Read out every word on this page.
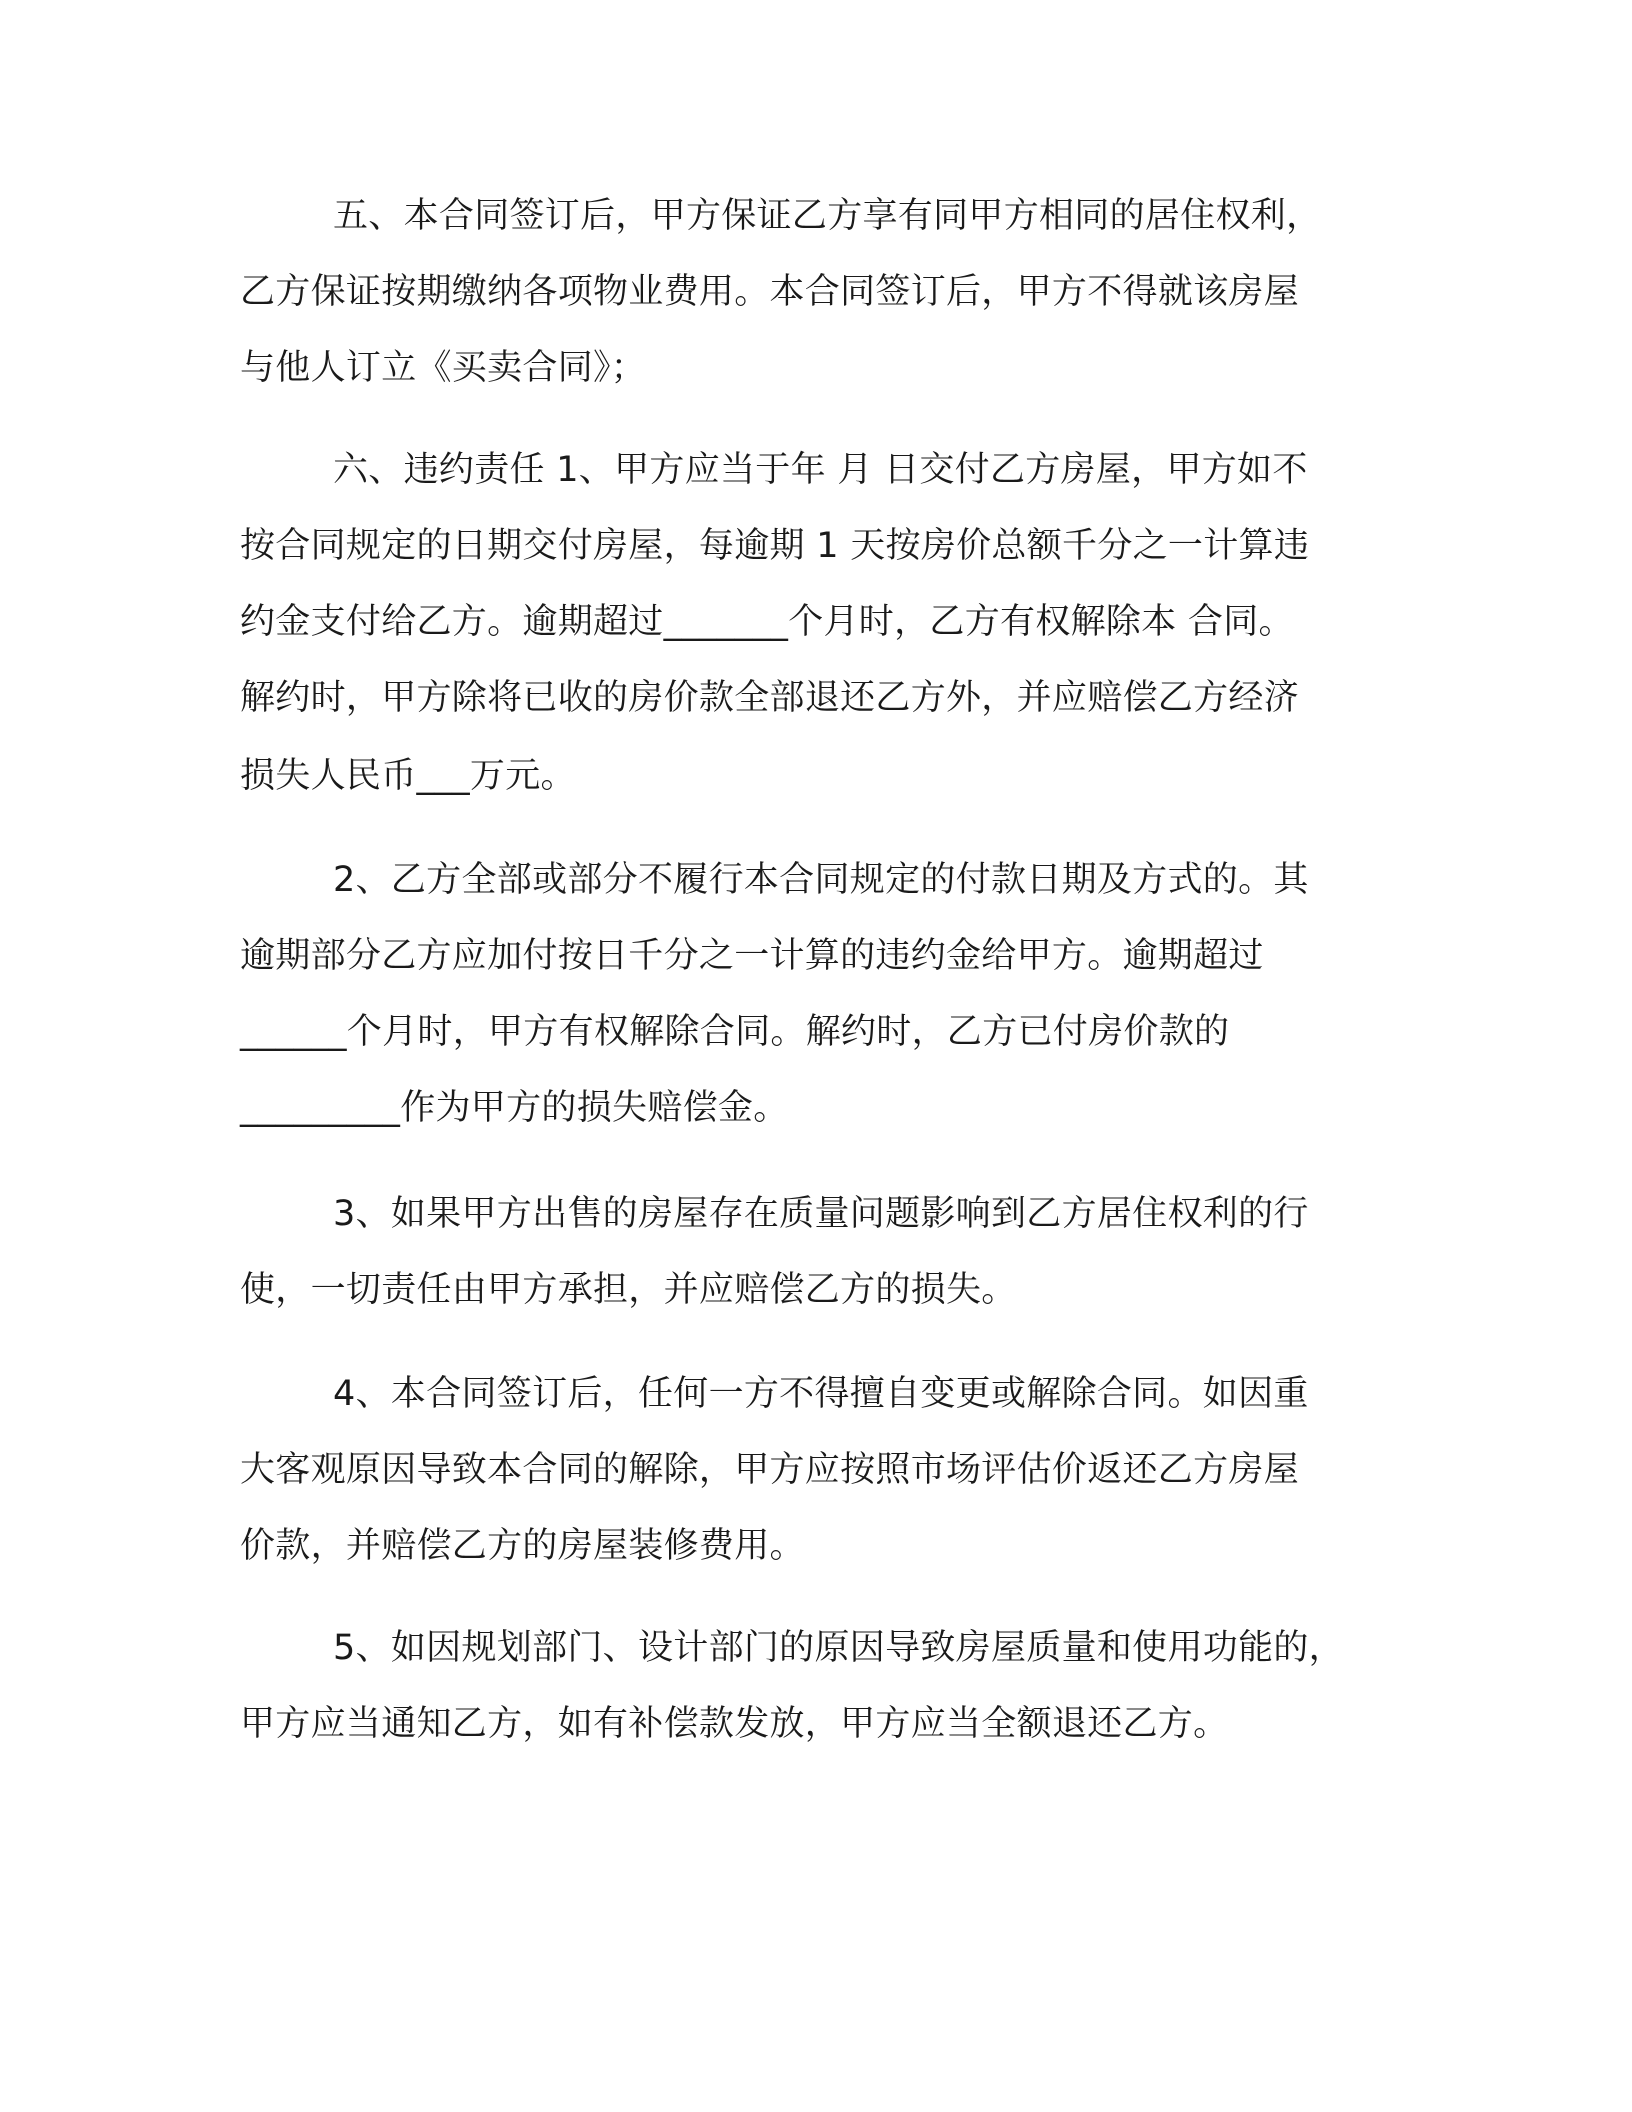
五、本合同签订后，甲方保证乙方享有同甲方相同的居住权利，

乙方保证按期缴纳各项物业费用。本合同签订后，甲方不得就该房屋

与他人订立《买卖合同》；

六、违约责任 1、甲方应当于年 月 日交付乙方房屋，甲方如不

按合同规定的日期交付房屋，每逾期 1 天按房价总额千分之一计算违

约金支付给乙方。逾期超过_______个月时，乙方有权解除本 合同。

解约时，甲方除将已收的房价款全部退还乙方外，并应赔偿乙方经济

损失人民币___万元。

2、乙方全部或部分不履行本合同规定的付款日期及方式的。其

逾期部分乙方应加付按日千分之一计算的违约金给甲方。逾期超过

______个月时，甲方有权解除合同。解约时，乙方已付房价款的

_________作为甲方的损失赔偿金。

3、如果甲方出售的房屋存在质量问题影响到乙方居住权利的行

使，一切责任由甲方承担，并应赔偿乙方的损失。

4、本合同签订后，任何一方不得擅自变更或解除合同。如因重

大客观原因导致本合同的解除，甲方应按照市场评估价返还乙方房屋

价款，并赔偿乙方的房屋装修费用。

5、如因规划部门、设计部门的原因导致房屋质量和使用功能的，

甲方应当通知乙方，如有补偿款发放，甲方应当全额退还乙方。
